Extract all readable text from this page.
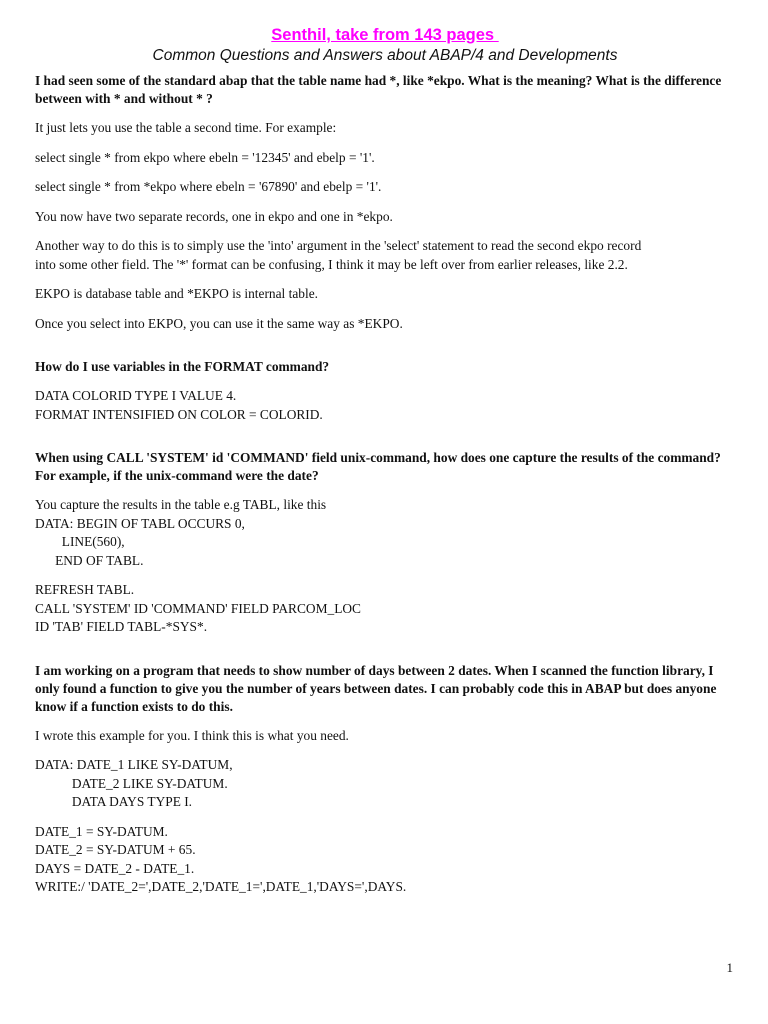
Senthil, take from 143 pages
Common Questions and Answers about ABAP/4 and Developments
I had seen some of the standard abap that the table name had *, like *ekpo. What is the meaning? What is the difference between with * and without * ?
It just lets you use the table a second time. For example:
select single * from ekpo where ebeln = '12345' and ebelp = '1'.
select single * from *ekpo where ebeln = '67890' and ebelp = '1'.
You now have two separate records, one in ekpo and one in *ekpo.
Another way to do this is to simply use the 'into' argument in the 'select' statement to read the second ekpo record
into some other field. The '*' format can be confusing, I think it may be left over from earlier releases, like 2.2.
EKPO is database table and *EKPO is internal table.
Once you select into EKPO, you can use it the same way as *EKPO.
How do I use variables in the FORMAT command?
DATA COLORID TYPE I VALUE 4.
FORMAT INTENSIFIED ON COLOR = COLORID.
When using CALL 'SYSTEM' id 'COMMAND' field unix-command, how does one capture the results of the command? For example, if the unix-command were the date?
You capture the results in the table e.g TABL, like this
DATA: BEGIN OF TABL OCCURS 0,
LINE(560),
END OF TABL.
REFRESH TABL.
CALL 'SYSTEM' ID 'COMMAND' FIELD PARCOM_LOC
ID 'TAB' FIELD TABL-*SYS*.
I am working on a program that needs to show number of days between 2 dates. When I scanned the function library, I only found a function to give you the number of years between dates. I can probably code this in ABAP but does anyone know if a function exists to do this.
I wrote this example for you. I think this is what you need.
DATA: DATE_1 LIKE SY-DATUM,
DATE_2 LIKE SY-DATUM.
DATA DAYS TYPE I.
DATE_1 = SY-DATUM.
DATE_2 = SY-DATUM + 65.
DAYS = DATE_2 - DATE_1.
WRITE:/ 'DATE_2=',DATE_2,'DATE_1=',DATE_1,'DAYS=',DAYS.
1
